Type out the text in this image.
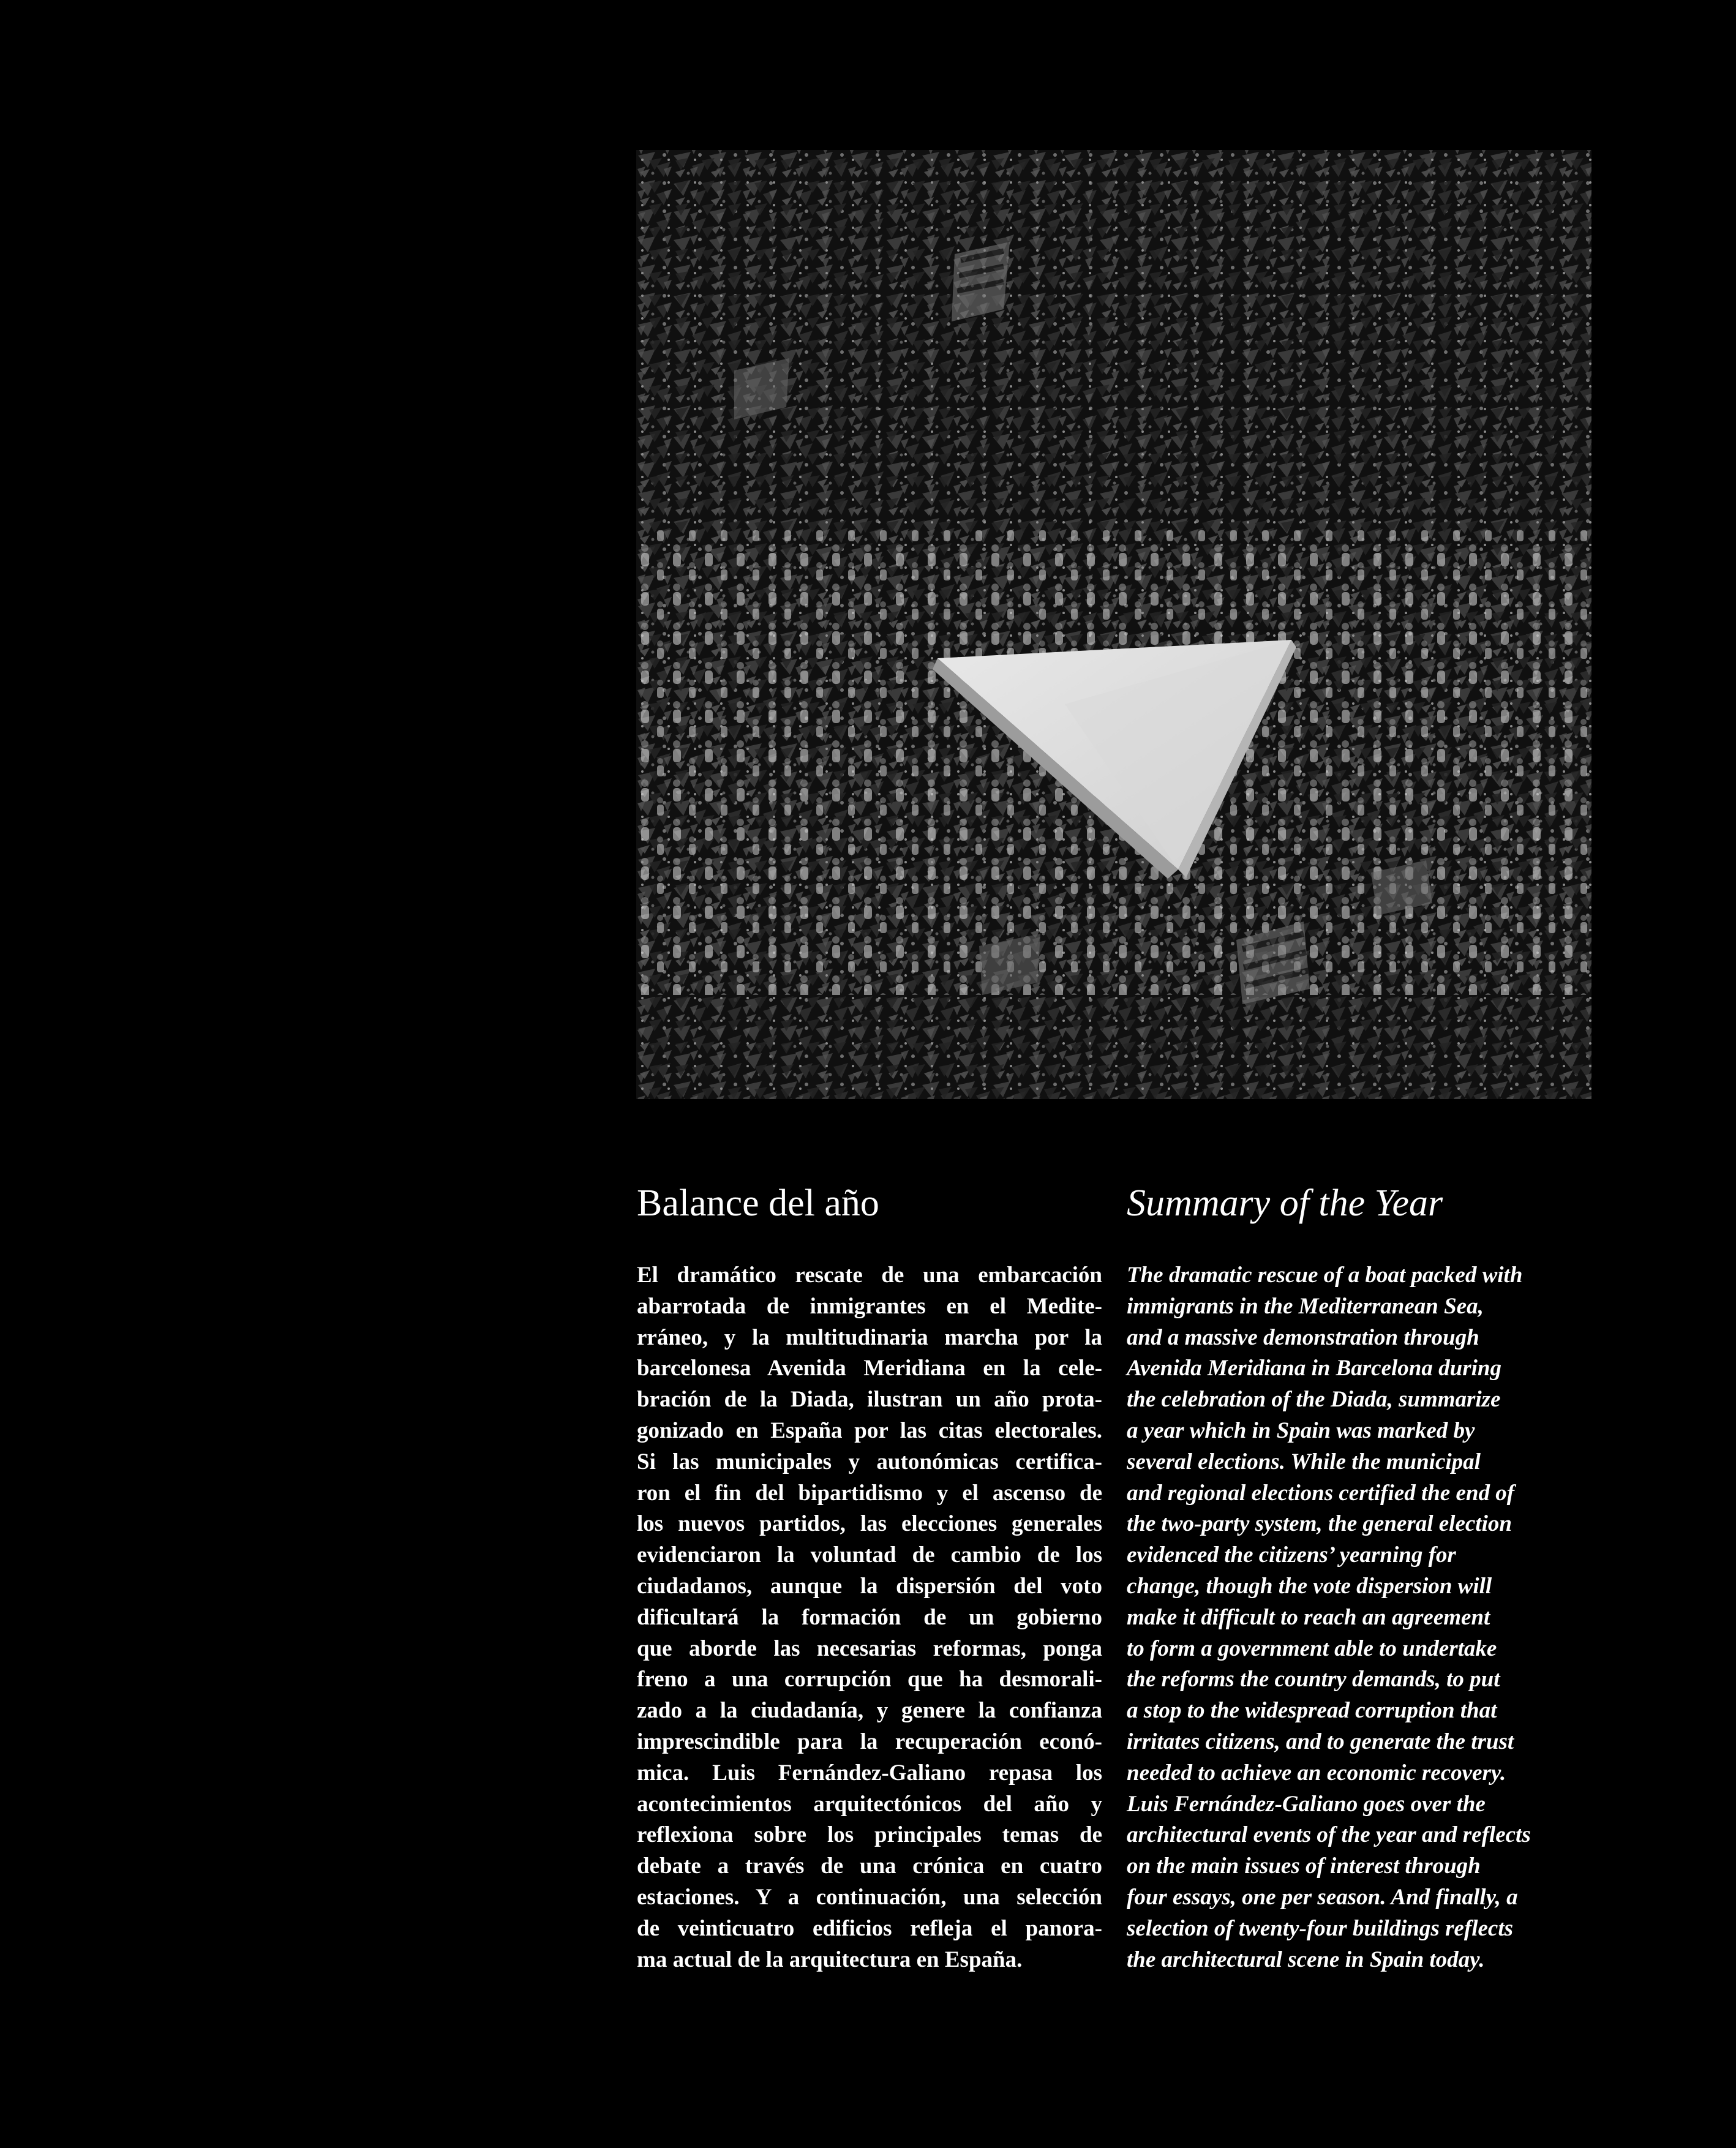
Balance del año
El dramático rescate de una embarcación
abarrotada de inmigrantes en el Medite-
rráneo, y la multitudinaria marcha por la
barcelonesa Avenida Meridiana en la cele-
bración de la Diada, ilustran un año prota-
gonizado en España por las citas electorales.
Si las municipales y autonómicas certifica-
ron el fin del bipartidismo y el ascenso de
los nuevos partidos, las elecciones generales
evidenciaron la voluntad de cambio de los
ciudadanos, aunque la dispersión del voto
dificultará la formación de un gobierno
que aborde las necesarias reformas, ponga
freno a una corrupción que ha desmorali-
zado a la ciudadanía, y genere la confianza
imprescindible para la recuperación econó-
mica. Luis Fernández-Galiano repasa los
acontecimientos arquitectónicos del año y
reflexiona sobre los principales temas de
debate a través de una crónica en cuatro
estaciones. Y a continuación, una selección
de veinticuatro edificios refleja el panora-
ma actual de la arquitectura en España.
Summary of the Year
The dramatic rescue of a boat packed with
immigrants in the Mediterranean Sea,
and a massive demonstration through
Avenida Meridiana in Barcelona during
the celebration of the Diada, summarize
a year which in Spain was marked by
several elections. While the municipal
and regional elections certified the end of
the two-party system, the general election
evidenced the citizens’ yearning for
change, though the vote dispersion will
make it difficult to reach an agreement
to form a government able to undertake
the reforms the country demands, to put
a stop to the widespread corruption that
irritates citizens, and to generate the trust
needed to achieve an economic recovery.
Luis Fernández-Galiano goes over the
architectural events of the year and reflects
on the main issues of interest through
four essays, one per season. And finally, a
selection of twenty-four buildings reflects
the architectural scene in Spain today.
